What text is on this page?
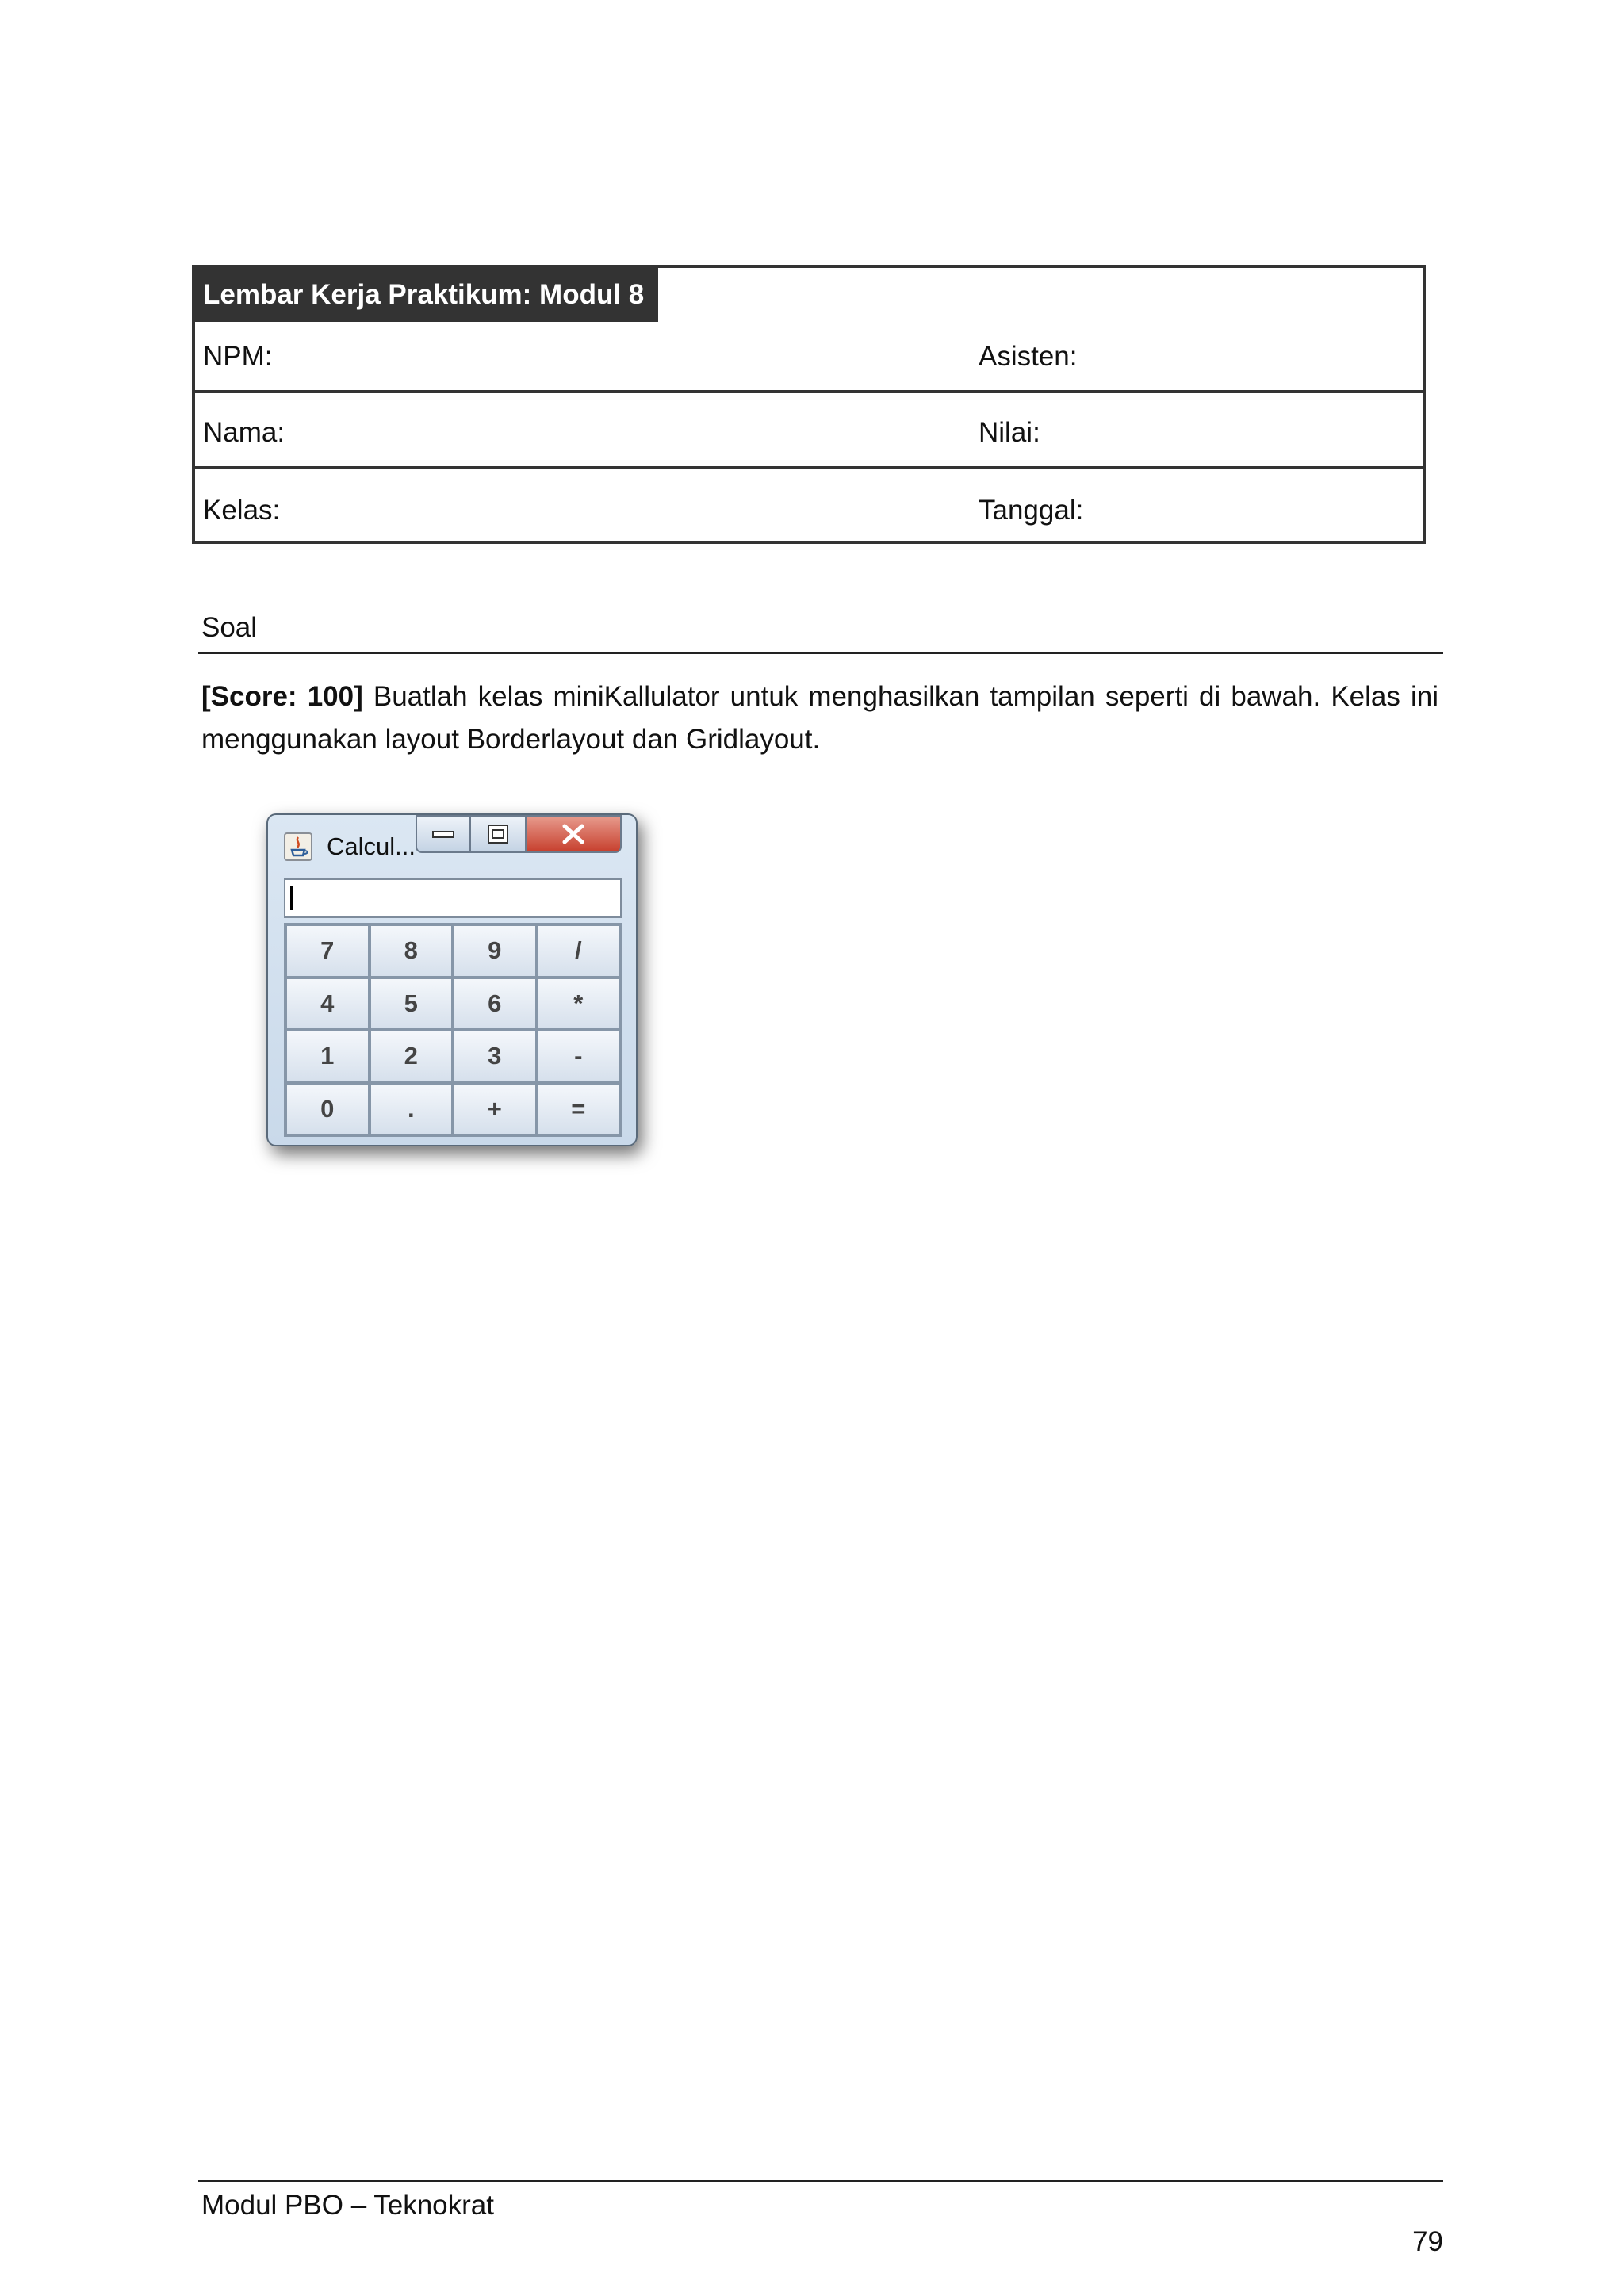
Lembar Kerja Praktikum: Modul 8
NPM:	Asisten:
Nama:	Nilai:
Kelas:	Tanggal:
Soal
[Score: 100] Buatlah kelas miniKallulator untuk menghasilkan tampilan seperti di bawah. Kelas ini menggunakan layout Borderlayout dan Gridlayout.
Calcul...
7	8	9	/
4	5	6	*
1	2	3	-
0	.	+	=
Modul PBO – Teknokrat
79
